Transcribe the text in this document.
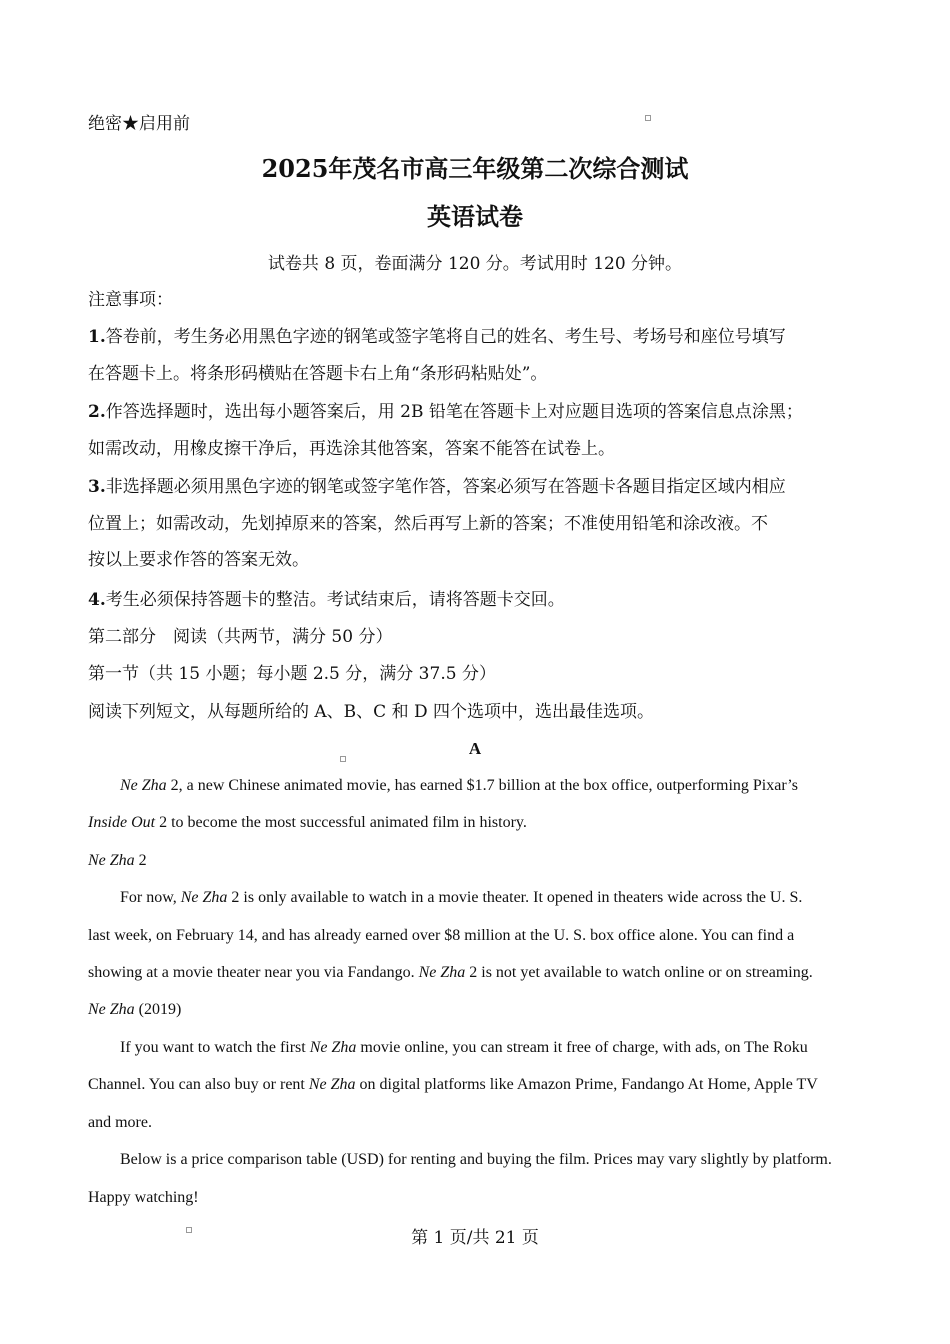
绝密★启用前
2025年茂名市高三年级第二次综合测试
英语试卷
试卷共 8 页，卷面满分 120 分。考试用时 120 分钟。
注意事项：
1.答卷前，考生务必用黑色字迹的钢笔或签字笔将自己的姓名、考生号、考场号和座位号填写
在答题卡上。将条形码横贴在答题卡右上角“条形码粘贴处”。
2.作答选择题时，选出每小题答案后，用 2B 铅笔在答题卡上对应题目选项的答案信息点涂黑；
如需改动，用橡皮擦干净后，再选涂其他答案，答案不能答在试卷上。
3.非选择题必须用黑色字迹的钢笔或签字笔作答，答案必须写在答题卡各题目指定区域内相应
位置上；如需改动，先划掉原来的答案，然后再写上新的答案；不准使用铅笔和涂改液。不
按以上要求作答的答案无效。
4.考生必须保持答题卡的整洁。考试结束后，请将答题卡交回。
第二部分　阅读（共两节，满分 50 分）
第一节（共 15 小题；每小题 2.5 分，满分 37.5 分）
阅读下列短文，从每题所给的 A、B、C 和 D 四个选项中，选出最佳选项。
A
Ne Zha 2, a new Chinese animated movie, has earned $1.7 billion at the box office, outperforming Pixar’s
Inside Out 2 to become the most successful animated film in history.
Ne Zha 2
For now, Ne Zha 2 is only available to watch in a movie theater. It opened in theaters wide across the U. S.
last week, on February 14, and has already earned over $8 million at the U. S. box office alone. You can find a
showing at a movie theater near you via Fandango. Ne Zha 2 is not yet available to watch online or on streaming.
Ne Zha (2019)
If you want to watch the first Ne Zha movie online, you can stream it free of charge, with ads, on The Roku
Channel. You can also buy or rent Ne Zha on digital platforms like Amazon Prime, Fandango At Home, Apple TV
and more.
Below is a price comparison table (USD) for renting and buying the film. Prices may vary slightly by platform.
Happy watching!
第 1 页/共 21 页
